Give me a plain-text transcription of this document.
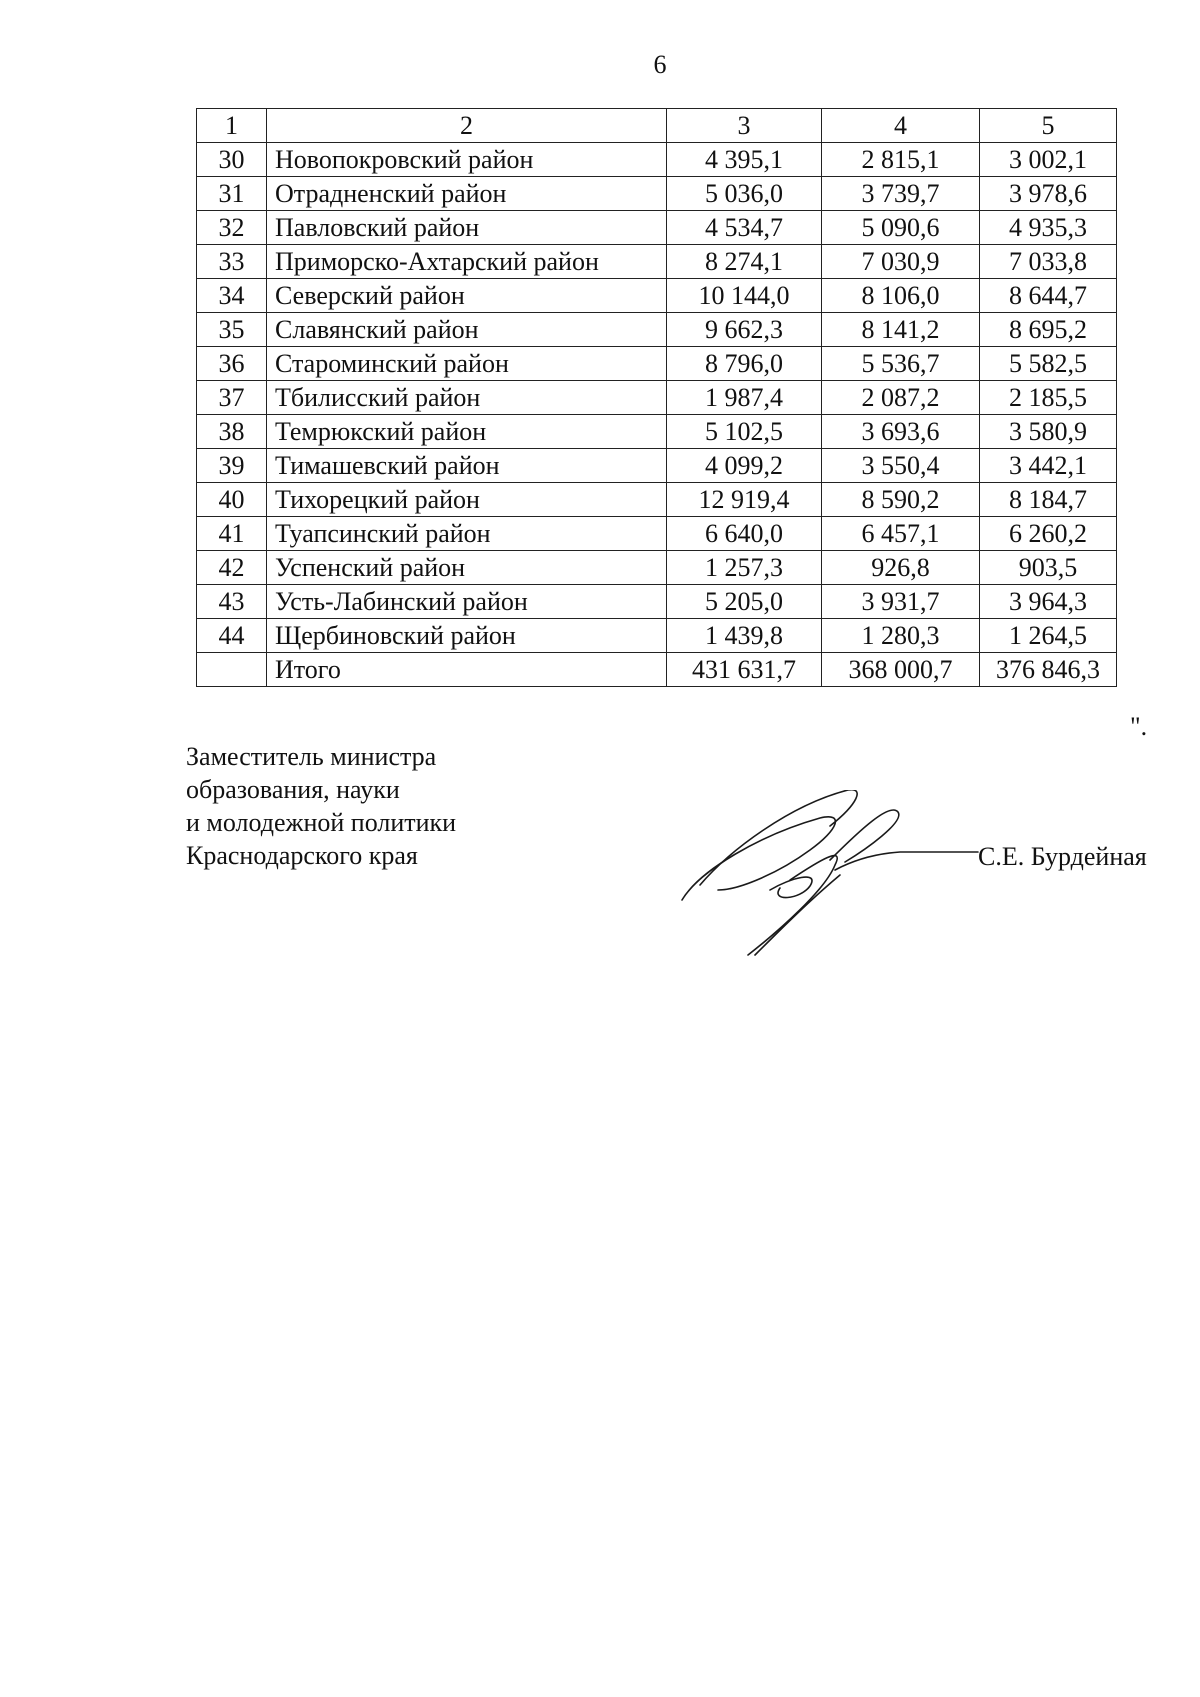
6
1	2	3	4	5
30	Новопокровский район	4 395,1	2 815,1	3 002,1
31	Отрадненский район	5 036,0	3 739,7	3 978,6
32	Павловский район	4 534,7	5 090,6	4 935,3
33	Приморско-Ахтарский район	8 274,1	7 030,9	7 033,8
34	Северский район	10 144,0	8 106,0	8 644,7
35	Славянский район	9 662,3	8 141,2	8 695,2
36	Староминский район	8 796,0	5 536,7	5 582,5
37	Тбилисский район	1 987,4	2 087,2	2 185,5
38	Темрюкский район	5 102,5	3 693,6	3 580,9
39	Тимашевский район	4 099,2	3 550,4	3 442,1
40	Тихорецкий район	12 919,4	8 590,2	8 184,7
41	Туапсинский район	6 640,0	6 457,1	6 260,2
42	Успенский район	1 257,3	926,8	903,5
43	Усть-Лабинский район	5 205,0	3 931,7	3 964,3
44	Щербиновский район	1 439,8	1 280,3	1 264,5
	Итого	431 631,7	368 000,7	376 846,3
".
Заместитель министра
образования, науки
и молодежной политики
Краснодарского края	С.Е. Бурдейная
